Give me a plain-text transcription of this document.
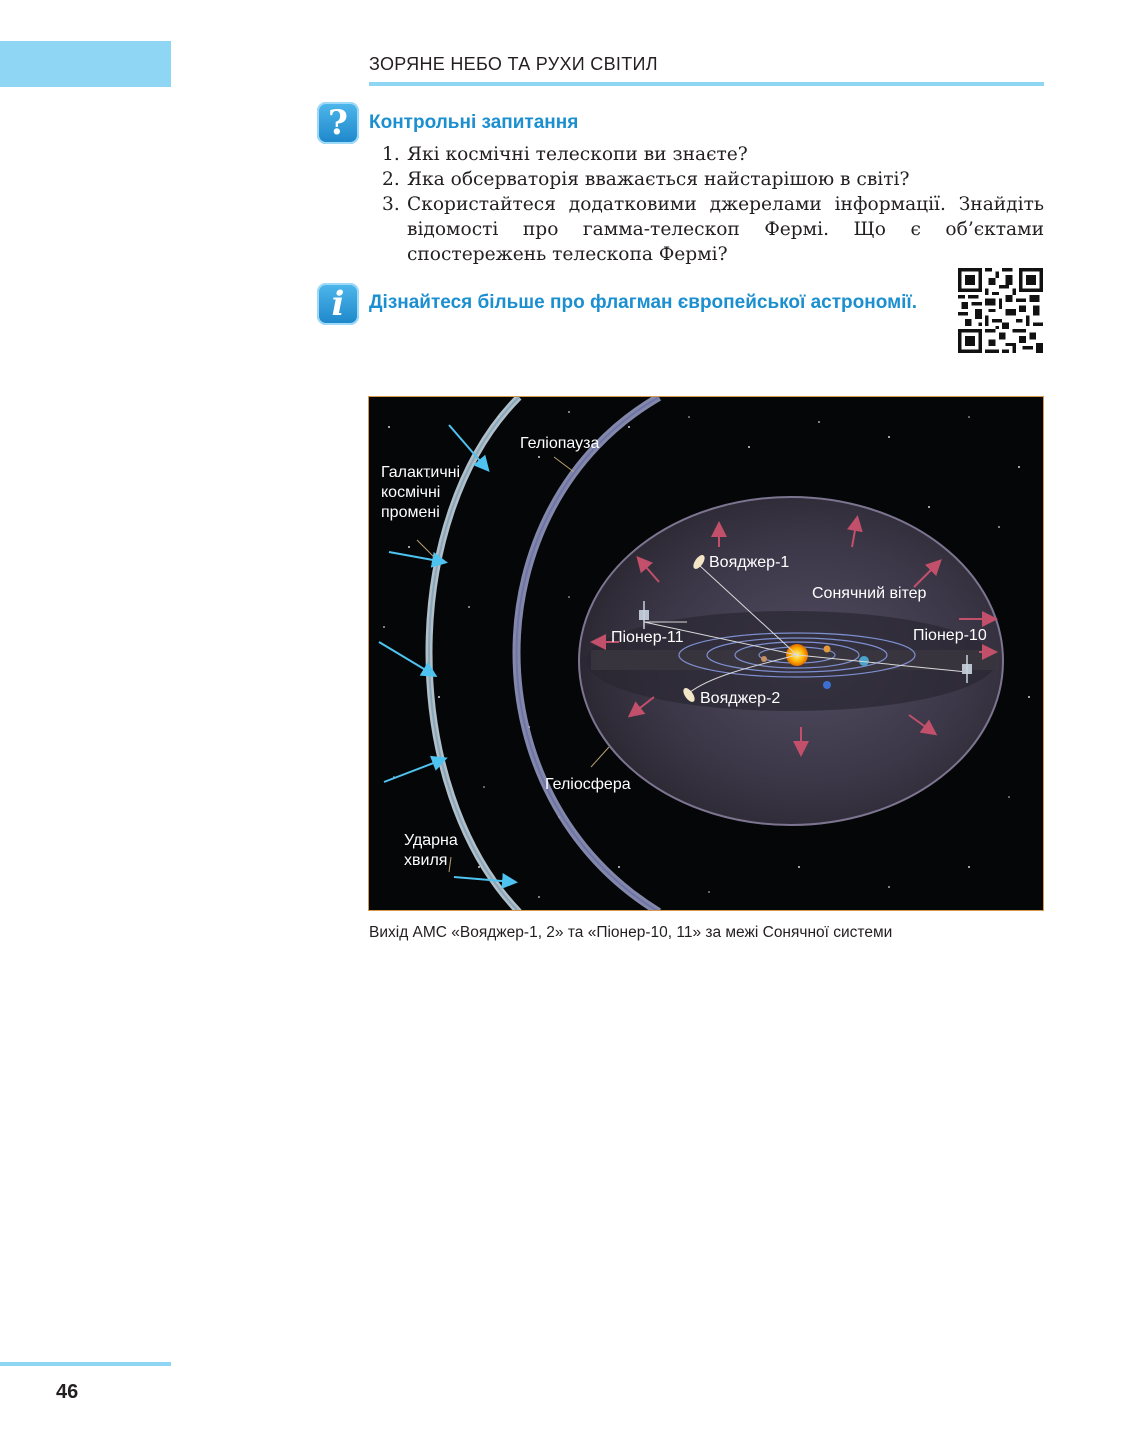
ЗОРЯНЕ НЕБО ТА РУХИ СВІТИЛ
?	Контрольні запитання
1. Які космічні телескопи ви знаєте?
2. Яка обсерваторія вважається найстарішою в світі?
3. Скористайтеся додатковими джерелами інформації. Знайдіть відомості про гамма-телескоп Фермі. Що є об’єктами спостережень телескопа Фермі?
i	Дізнайтеся більше про флагман європейської астрономії.
Геліопауза
Галактичні космічні промені
Вояджер-1
Сонячний вітер
Піонер-11	Піонер-10
Вояджер-2
Геліосфера
Ударна хвиля
Вихід АМС «Вояджер-1, 2» та «Піонер-10, 11» за межі Сонячної системи
46
